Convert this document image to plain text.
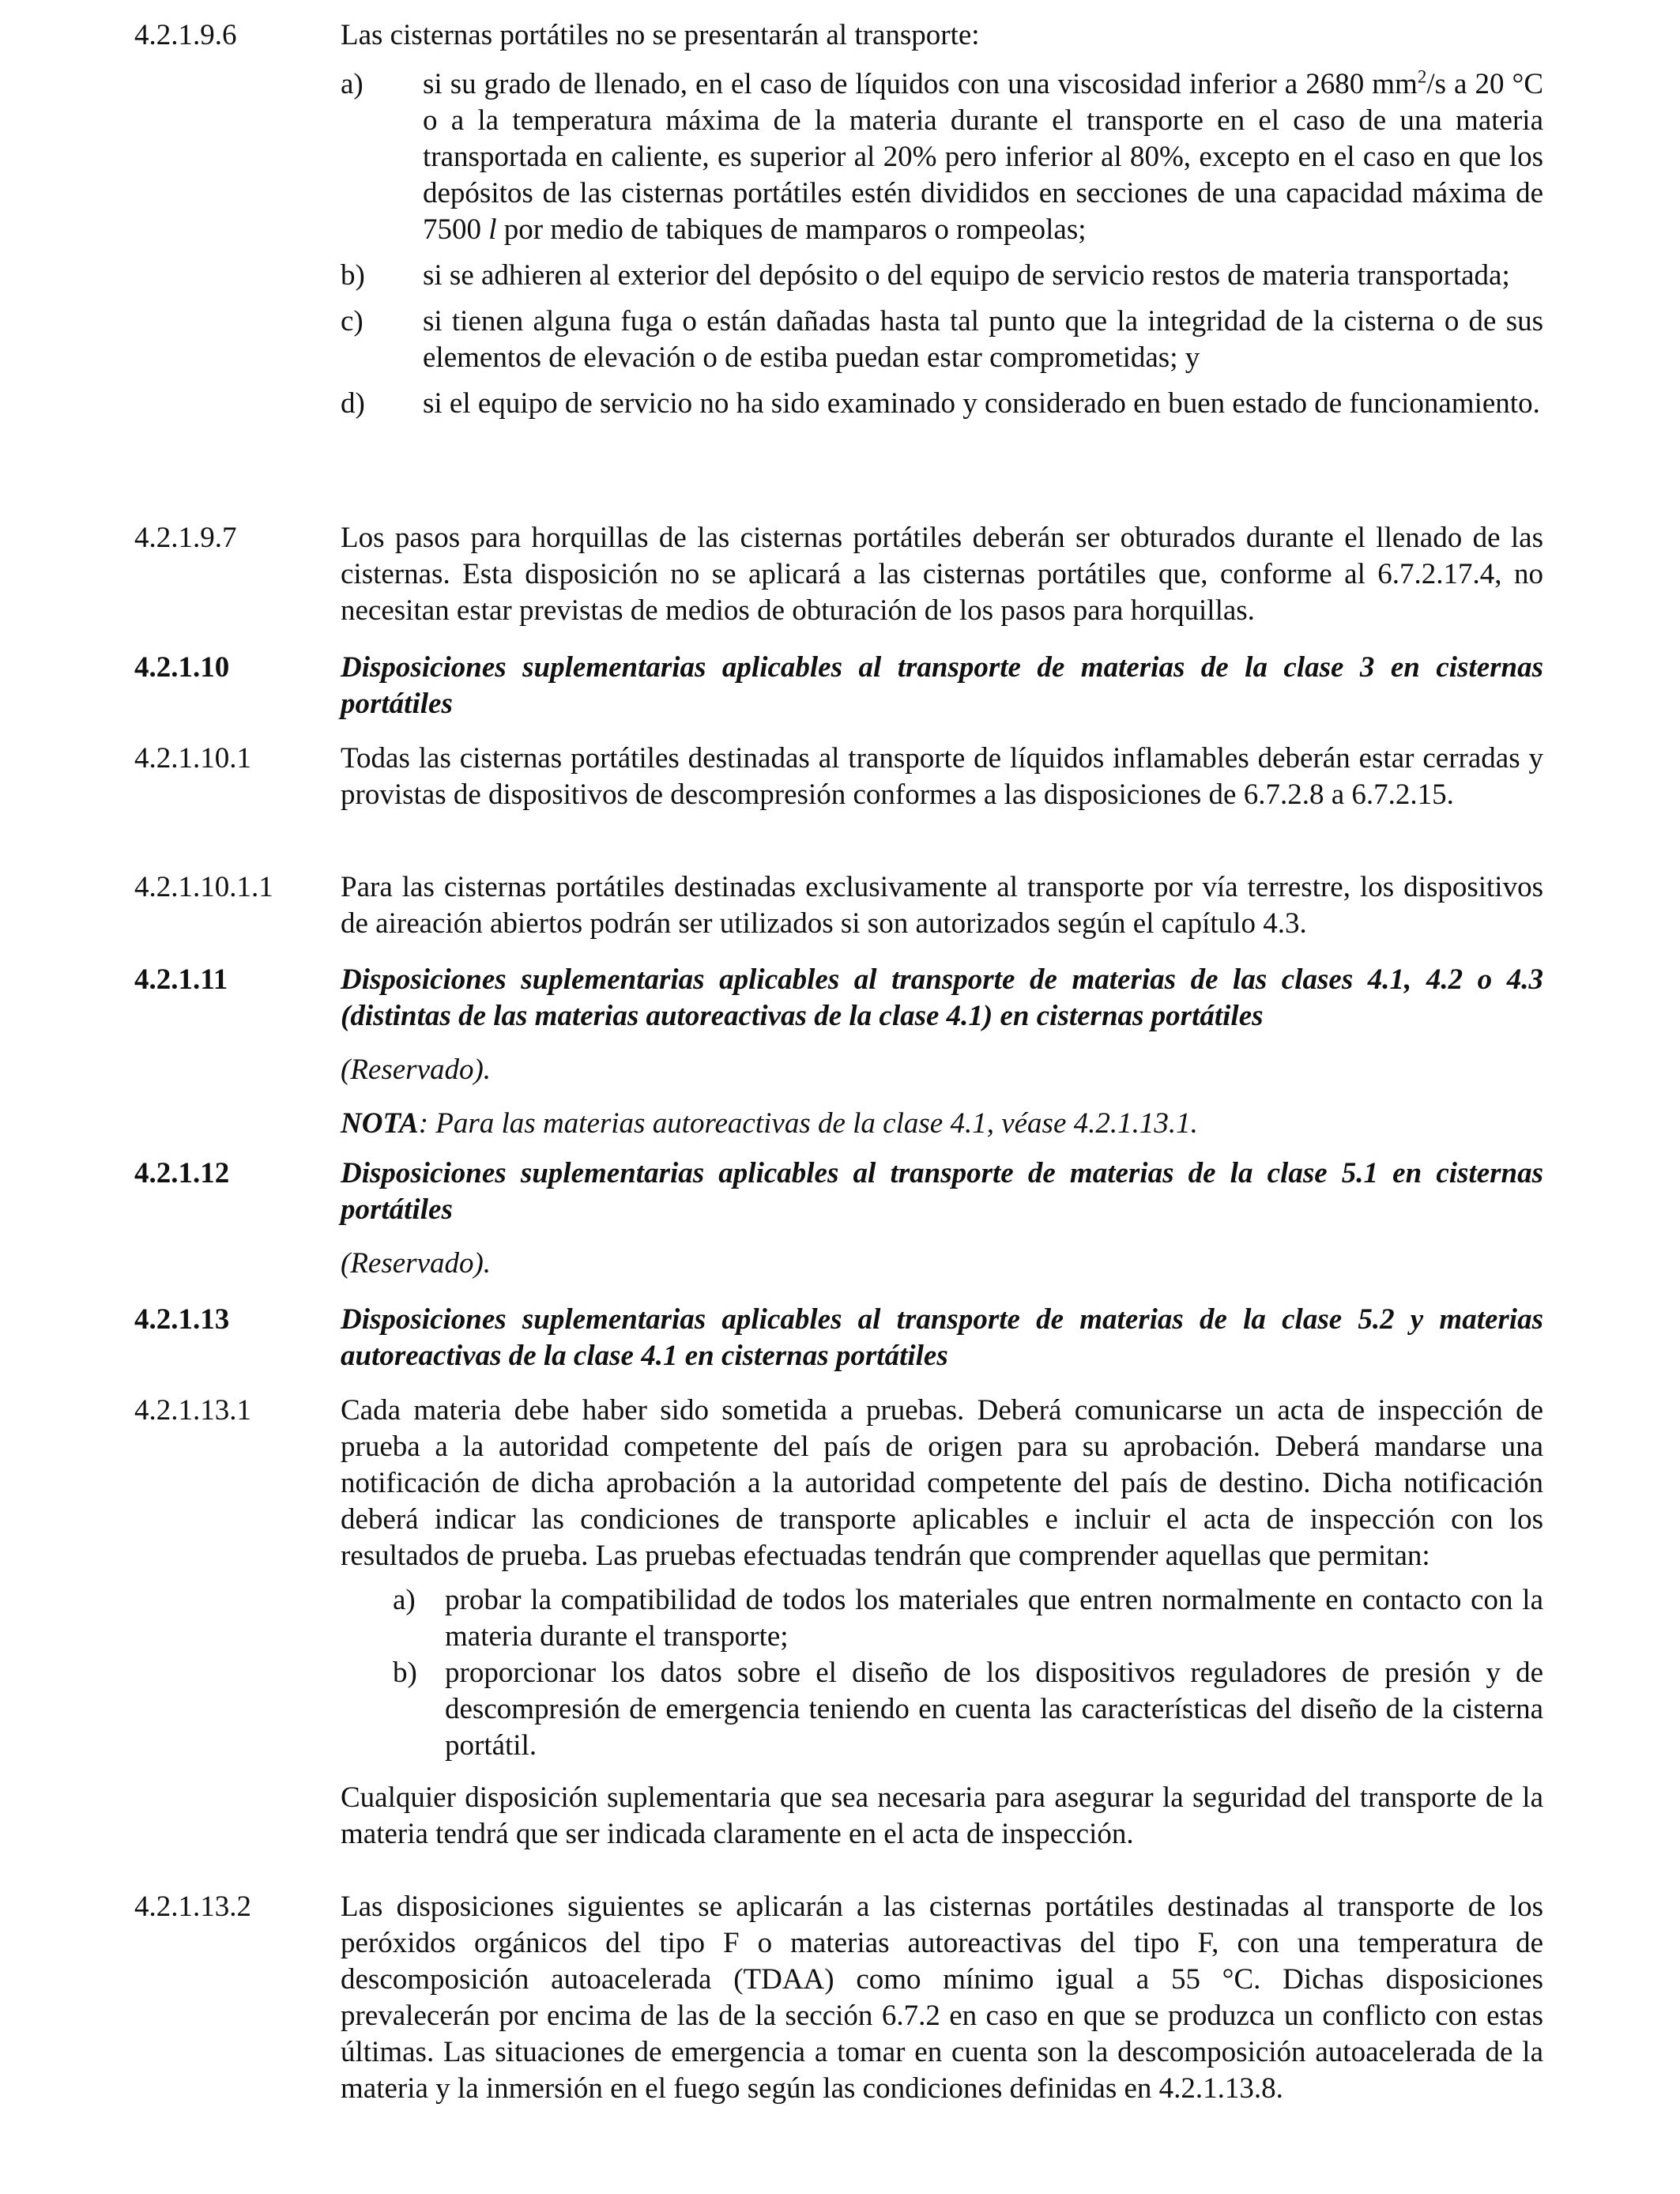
4.2.1.9.6	Las cisternas portátiles no se presentarán al transporte:

a) si su grado de llenado, en el caso de líquidos con una viscosidad inferior a 2680 $mm^2/s$ a 20 °C o a la temperatura máxima de la materia durante el transporte en el caso de una materia transportada en caliente, es superior al 20% pero inferior al 80%, excepto en el caso en que los depósitos de las cisternas portátiles estén divididos en secciones de una capacidad máxima de 7500 l por medio de tabiques de mamparos o rompeolas;
b) si se adhieren al exterior del depósito o del equipo de servicio restos de materia transportada;
c) si tienen alguna fuga o están dañadas hasta tal punto que la integridad de la cisterna o de sus elementos de elevación o de estiba puedan estar comprometidas; y
d) si el equipo de servicio no ha sido examinado y considerado en buen estado de funcionamiento.
4.2.1.9.7	Los pasos para horquillas de las cisternas portátiles deberán ser obturados durante el llenado de las cisternas. Esta disposición no se aplicará a las cisternas portátiles que, conforme al 6.7.2.17.4, no necesitan estar previstas de medios de obturación de los pasos para horquillas.

4.2.1.10	Disposiciones suplementarias aplicables al transporte de materias de la clase 3 en cisternas portátiles

4.2.1.10.1	Todas las cisternas portátiles destinadas al transporte de líquidos inflamables deberán estar cerradas y provistas de dispositivos de descompresión conformes a las disposiciones de 6.7.2.8 a 6.7.2.15.

4.2.1.10.1.1 Para las cisternas portátiles destinadas exclusivamente al transporte por vía terrestre, los dispositivos de aireación abiertos podrán ser utilizados si son autorizados según el capítulo 4.3.

4.2.1.11	Disposiciones suplementarias aplicables al transporte de materias de las clases 4.1, 4.2 o 4.3 (distintas de las materias autoreactivas de la clase 4.1) en cisternas portátiles

(Reservado).

NOTA: Para las materias autoreactivas de la clase 4.1, véase 4.2.1.13.1.

4.2.1.12	Disposiciones suplementarias aplicables al transporte de materias de la clase 5.1 en cisternas portátiles

(Reservado).

4.2.1.13	Disposiciones suplementarias aplicables al transporte de materias de la clase 5.2 y materias autoreactivas de la clase 4.1 en cisternas portátiles

4.2.1.13.1	Cada materia debe haber sido sometida a pruebas. Deberá comunicarse un acta de inspección de prueba a la autoridad competente del país de origen para su aprobación. Deberá mandarse una notificación de dicha aprobación a la autoridad competente del país de destino. Dicha notificación deberá indicar las condiciones de transporte aplicables e incluir el acta de inspección con los resultados de prueba. Las pruebas efectuadas tendrán que comprender aquellas que permitan:

a) probar la compatibilidad de todos los materiales que entren normalmente en contacto con la materia durante el transporte;
b) proporcionar los datos sobre el diseño de los dispositivos reguladores de presión y de descompresión de emergencia teniendo en cuenta las características del diseño de la cisterna portátil.

Cualquier disposición suplementaria que sea necesaria para asegurar la seguridad del transporte de la materia tendrá que ser indicada claramente en el acta de inspección.

4.2.1.13.2	Las disposiciones siguientes se aplicarán a las cisternas portátiles destinadas al transporte de los peróxidos orgánicos del tipo F o materias autoreactivas del tipo F, con una temperatura de descomposición autoacelerada (TDAA) como mínimo igual a 55 °C. Dichas disposiciones prevalecerán por encima de las de la sección 6.7.2 en caso en que se produzca un conflicto con estas últimas. Las situaciones de emergencia a tomar en cuenta son la descomposición autoacelerada de la materia y la inmersión en el fuego según las condiciones definidas en 4.2.1.13.8.
